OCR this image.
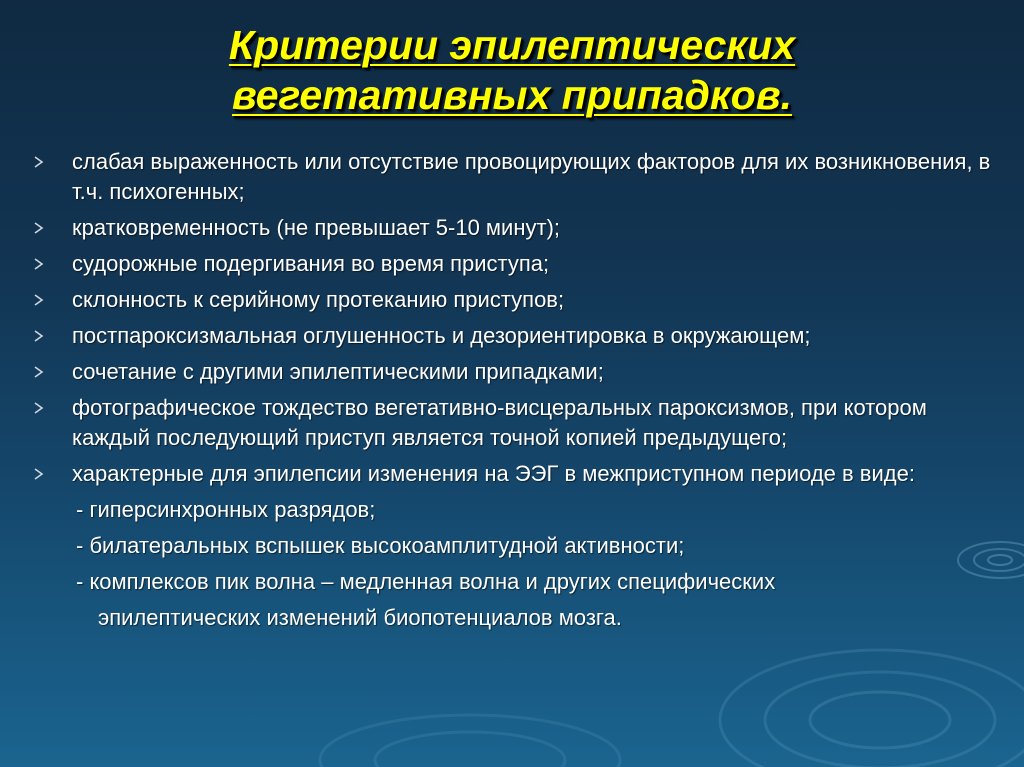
Критерии эпилептических
вегетативных припадков.
слабая выраженность или отсутствие провоцирующих факторов для их возникновения, в т.ч. психогенных;
кратковременность (не превышает 5-10 минут);
судорожные подергивания во время приступа;
склонность к серийному протеканию приступов;
постпароксизмальная оглушенность и дезориентировка в окружающем;
сочетание с другими эпилептическими припадками;
фотографическое тождество вегетативно-висцеральных пароксизмов, при котором каждый последующий приступ является точной копией предыдущего;
характерные для эпилепсии изменения на ЭЭГ в межприступном периоде в виде:
- гиперсинхронных разрядов;
- билатеральных вспышек высокоамплитудной активности;
- комплексов пик волна – медленная волна и других специфических
эпилептических изменений биопотенциалов мозга.
